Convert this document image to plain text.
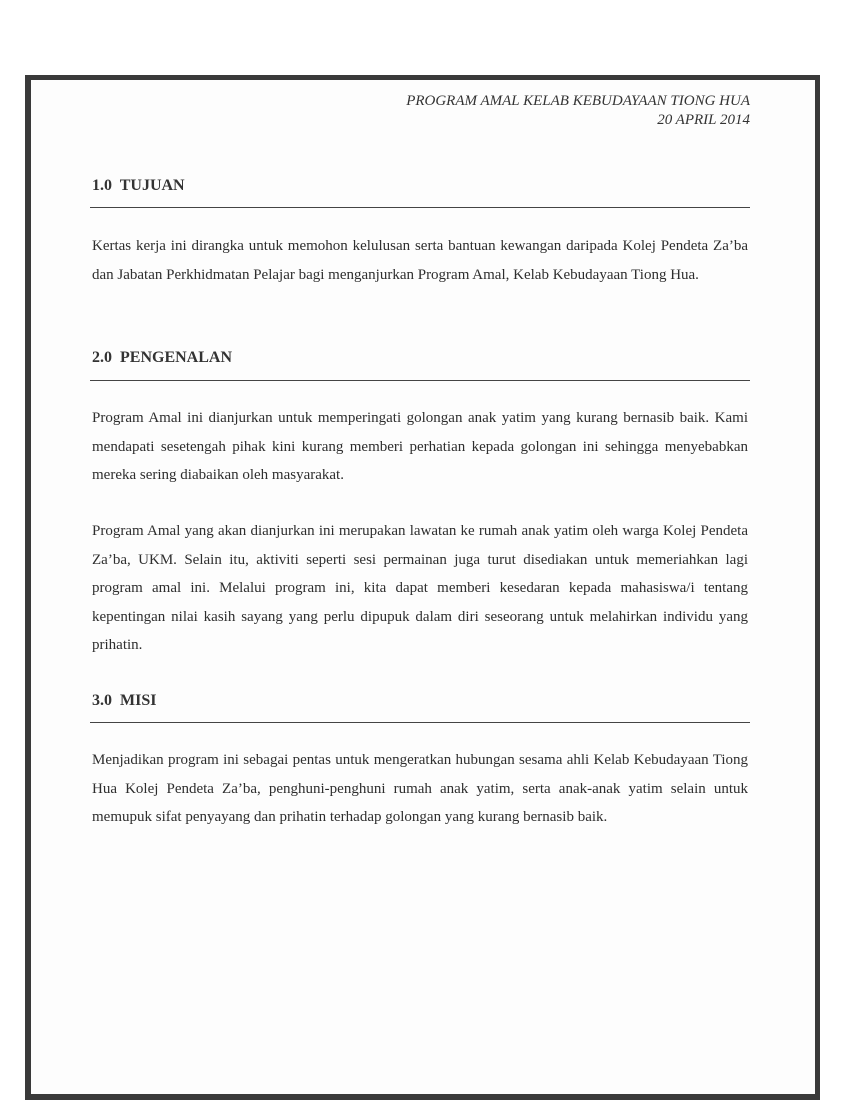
PROGRAM AMAL KELAB KEBUDAYAAN TIONG HUA
20 APRIL 2014
1.0  TUJUAN
Kertas kerja ini dirangka untuk memohon kelulusan serta bantuan kewangan daripada Kolej Pendeta Za’ba dan Jabatan Perkhidmatan Pelajar bagi menganjurkan Program Amal, Kelab Kebudayaan Tiong Hua.
2.0  PENGENALAN
Program Amal ini dianjurkan untuk memperingati golongan anak yatim yang kurang bernasib baik. Kami mendapati sesetengah pihak kini kurang memberi perhatian kepada golongan ini sehingga menyebabkan mereka sering diabaikan oleh masyarakat.
Program Amal yang akan dianjurkan ini merupakan lawatan ke rumah anak yatim oleh warga Kolej Pendeta Za’ba, UKM. Selain itu, aktiviti seperti sesi permainan juga turut disediakan untuk memeriahkan lagi program amal ini. Melalui program ini, kita dapat memberi kesedaran kepada mahasiswa/i tentang kepentingan nilai kasih sayang yang perlu dipupuk dalam diri seseorang untuk melahirkan individu yang prihatin.
3.0  MISI
Menjadikan program ini sebagai pentas untuk mengeratkan hubungan sesama ahli Kelab Kebudayaan Tiong Hua Kolej Pendeta Za’ba, penghuni-penghuni rumah anak yatim, serta anak-anak yatim selain untuk memupuk sifat penyayang dan prihatin terhadap golongan yang kurang bernasib baik.
